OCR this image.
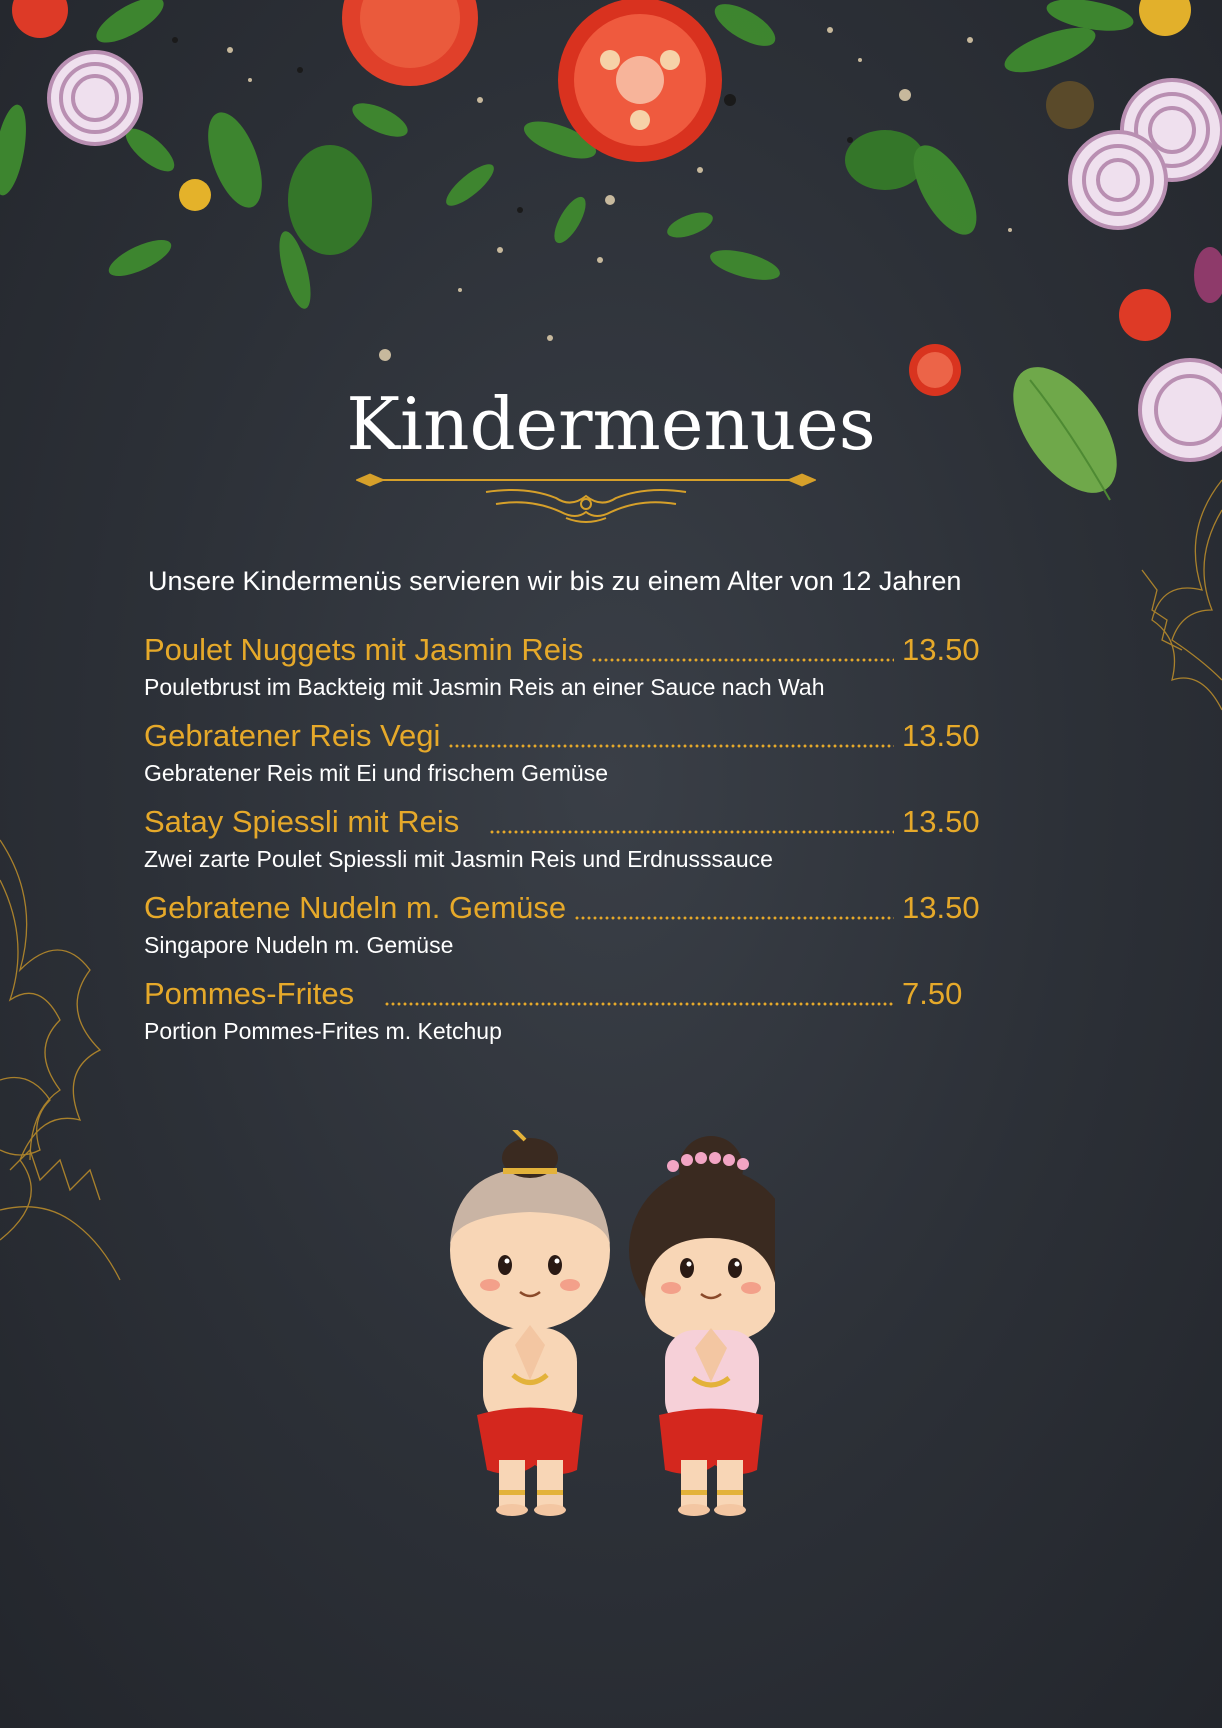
Kindermenues
Unsere Kindermenüs servieren wir bis zu einem Alter von 12 Jahren
Poulet Nuggets mit Jasmin Reis	13.50
Pouletbrust im Backteig mit Jasmin Reis an einer Sauce nach Wah
Gebratener Reis Vegi	13.50
Gebratener Reis mit Ei und frischem Gemüse
Satay Spiessli mit Reis	13.50
Zwei zarte Poulet Spiessli mit Jasmin Reis und Erdnusssauce
Gebratene Nudeln m. Gemüse	13.50
Singapore Nudeln m. Gemüse
Pommes-Frites	7.50
Portion Pommes-Frites m. Ketchup
